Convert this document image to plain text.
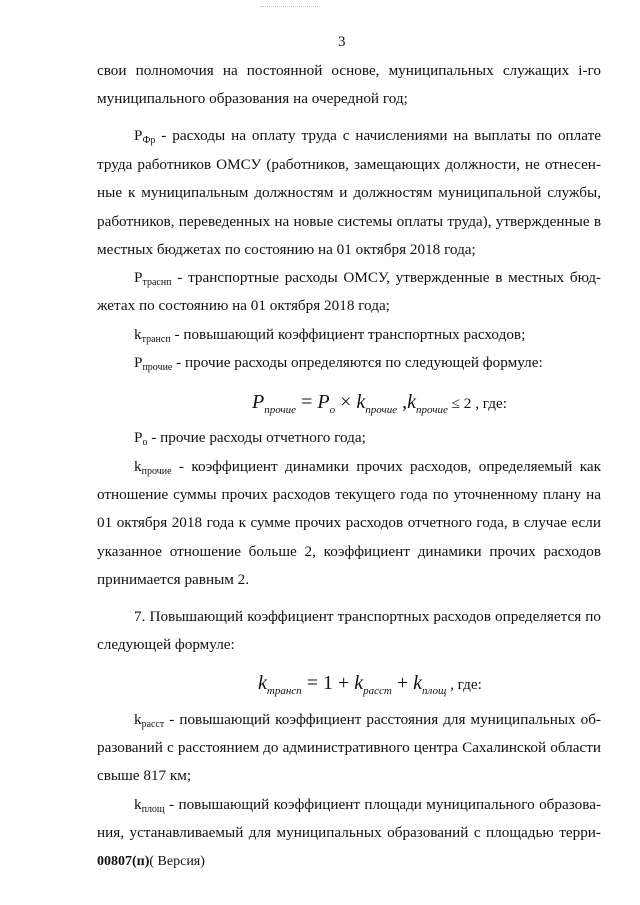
3
свои полномочия на постоянной основе, муниципальных служащих i-го
муниципального образования на очередной год;
$P_{Фр}$ - расходы на оплату труда с начислениями на выплаты по оплате
труда работников ОМСУ (работников, замещающих должности, не отнесен-
ные к муниципальным должностям и должностям муниципальной службы,
работников, переведенных на новые системы оплаты труда), утвержденные в
местных бюджетах по состоянию на 01 октября 2018 года;
$P_{траснп}$ - транспортные расходы ОМСУ, утвержденные в местных бюд-
жетах по состоянию на 01 октября 2018 года;
$k_{трансп}$ - повышающий коэффициент транспортных расходов;
$P_{прочие}$ - прочие расходы определяются по следующей формуле:
$P_{прочие} = P_o \times k_{прочие}$ $,k_{прочие} \le 2$ , где:
$P_о$ - прочие расходы отчетного года;
$k_{прочие}$ - коэффициент динамики прочих расходов, определяемый как
отношение суммы прочих расходов текущего года по уточненному плану на
01 октября 2018 года к сумме прочих расходов отчетного года, в случае если
указанное отношение больше 2, коэффициент динамики прочих расходов
принимается равным 2.
7. Повышающий коэффициент транспортных расходов определяется по
следующей формуле:
$k_{трансп} = 1 + k_{расст} + k_{площ}$ , где:
$k_{расст}$ - повышающий коэффициент расстояния для муниципальных об-
разований с расстоянием до административного центра Сахалинской области
свыше 817 км;
$k_{площ}$ - повышающий коэффициент площади муниципального образова-
ния, устанавливаемый для муниципальных образований с площадью терри-
00807(п)( Версия)
